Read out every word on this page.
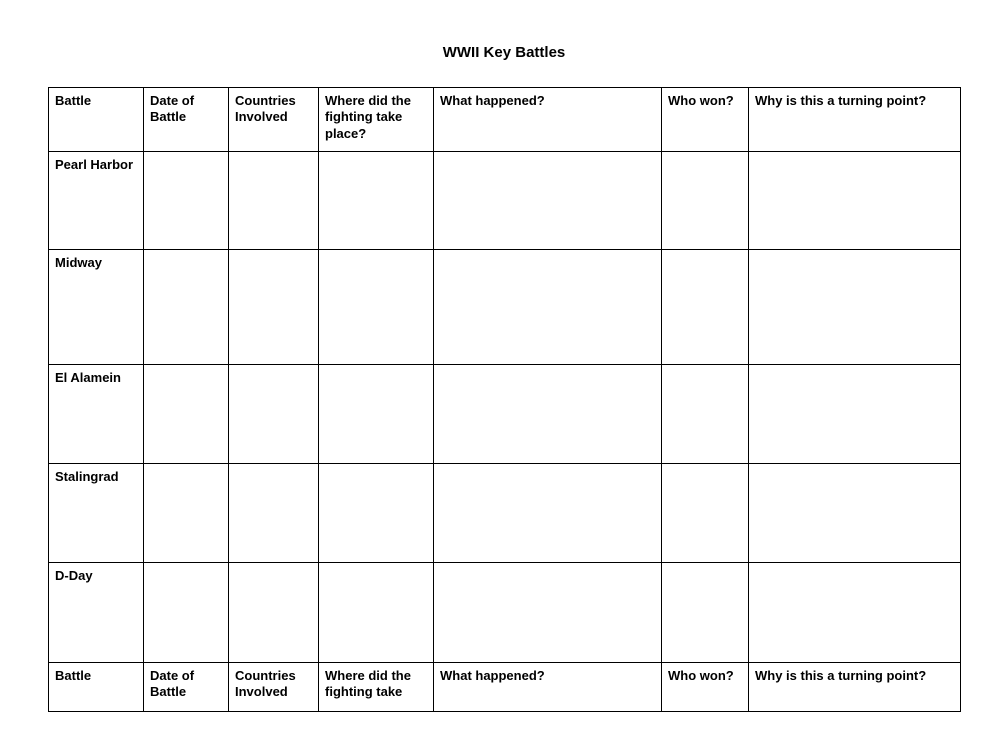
WWII Key Battles
Battle	Date of Battle	Countries Involved	Where did the fighting take place?	What happened?	Who won?	Why is this a turning point?
Pearl Harbor						
Midway						
El Alamein						
Stalingrad						
D-Day						
Battle	Date of Battle	Countries Involved	Where did the fighting take	What happened?	Who won?	Why is this a turning point?
